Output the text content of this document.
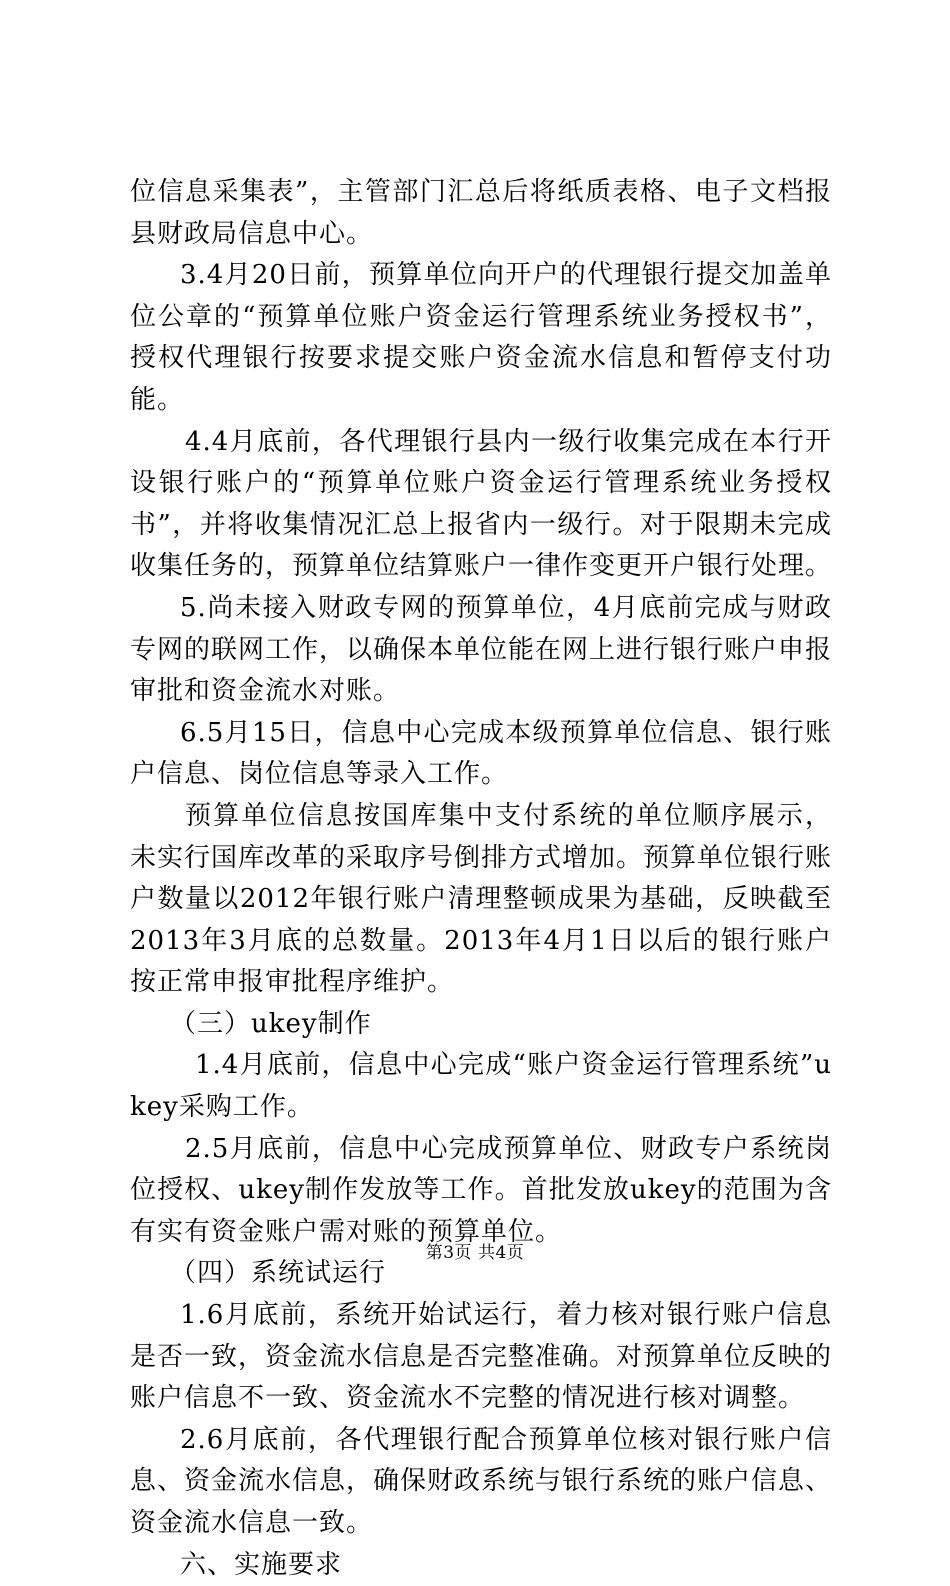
位信息采集表”，主管部门汇总后将纸质表格、电子文档报县财政局信息中心。

3.4月20日前，预算单位向开户的代理银行提交加盖单位公章的“预算单位账户资金运行管理系统业务授权书”，授权代理银行按要求提交账户资金流水信息和暂停支付功能。

4.4月底前，各代理银行县内一级行收集完成在本行开设银行账户的“预算单位账户资金运行管理系统业务授权书”，并将收集情况汇总上报省内一级行。对于限期未完成收集任务的，预算单位结算账户一律作变更开户银行处理。

5.尚未接入财政专网的预算单位，4月底前完成与财政专网的联网工作，以确保本单位能在网上进行银行账户申报审批和资金流水对账。

6.5月15日，信息中心完成本级预算单位信息、银行账户信息、岗位信息等录入工作。

预算单位信息按国库集中支付系统的单位顺序展示，未实行国库改革的采取序号倒排方式增加。预算单位银行账户数量以2012年银行账户清理整顿成果为基础，反映截至2013年3月底的总数量。2013年4月1日以后的银行账户按正常申报审批程序维护。

（三）ukey制作

1.4月底前，信息中心完成“账户资金运行管理系统”ukey采购工作。

2.5月底前，信息中心完成预算单位、财政专户系统岗位授权、ukey制作发放等工作。首批发放ukey的范围为含有实有资金账户需对账的预算单位。

（四）系统试运行

1.6月底前，系统开始试运行，着力核对银行账户信息是否一致，资金流水信息是否完整准确。对预算单位反映的账户信息不一致、资金流水不完整的情况进行核对调整。

2.6月底前，各代理银行配合预算单位核对银行账户信息、资金流水信息，确保财政系统与银行系统的账户信息、资金流水信息一致。

六、实施要求

第3页 共4页
